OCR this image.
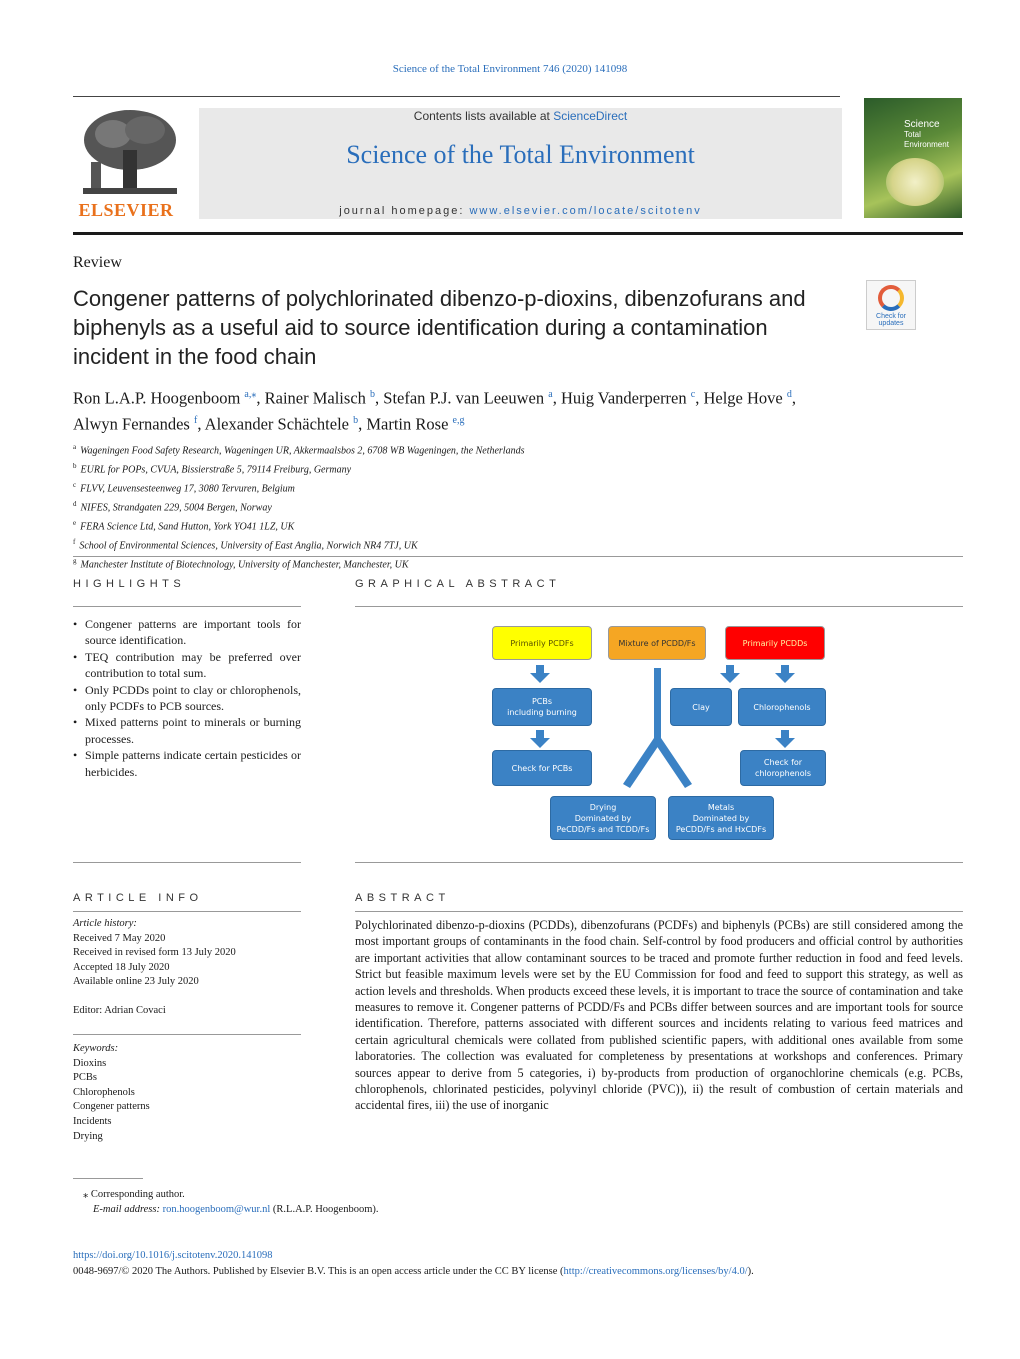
Science of the Total Environment 746 (2020) 141098
ELSEVIER
Contents lists available at ScienceDirect
Science of the Total Environment
journal homepage: www.elsevier.com/locate/scitotenv
Science
Total Environment
Review
Congener patterns of polychlorinated dibenzo-p-dioxins, dibenzofurans and biphenyls as a useful aid to source identification during a contamination incident in the food chain
Check for
updates
Ron L.A.P. Hoogenboom $^{a,⁎}$, Rainer Malisch $^b$, Stefan P.J. van Leeuwen $^a$, Huig Vanderperren $^c$, Helge Hove $^d$,
Alwyn Fernandes $^f$, Alexander Schächtele $^b$, Martin Rose $^{e,g}$
$^a$ Wageningen Food Safety Research, Wageningen UR, Akkermaalsbos 2, 6708 WB Wageningen, the Netherlands
$^b$ EURL for POPs, CVUA, Bissierstraße 5, 79114 Freiburg, Germany
$^c$ FLVV, Leuvensesteenweg 17, 3080 Tervuren, Belgium
$^d$ NIFES, Strandgaten 229, 5004 Bergen, Norway
$^e$ FERA Science Ltd, Sand Hutton, York YO41 1LZ, UK
$^f$ School of Environmental Sciences, University of East Anglia, Norwich NR4 7TJ, UK
$^g$ Manchester Institute of Biotechnology, University of Manchester, Manchester, UK
HIGHLIGHTS
• Congener patterns are important tools for source identification.
• TEQ contribution may be preferred over contribution to total sum.
• Only PCDDs point to clay or chlorophenols, only PCDFs to PCB sources.
• Mixed patterns point to minerals or burning processes.
• Simple patterns indicate certain pesticides or herbicides.
GRAPHICAL ABSTRACT
Primarily PCDFs	Mixture of PCDD/Fs	Primarily PCDDs
PCBs
including burning
Clay	Chlorophenols
Check for PCBs
Check for
chlorophenols
Drying
Dominated by
PeCDD/Fs and TCDD/Fs
Metals
Dominated by
PeCDD/Fs and HxCDFs
ARTICLE INFO
Article history:
Received 7 May 2020
Received in revised form 13 July 2020
Accepted 18 July 2020
Available online 23 July 2020
Editor: Adrian Covaci
Keywords:
Dioxins
PCBs
Chlorophenols
Congener patterns
Incidents
Drying
ABSTRACT
Polychlorinated dibenzo-p-dioxins (PCDDs), dibenzofurans (PCDFs) and biphenyls (PCBs) are still considered among the most important groups of contaminants in the food chain. Self-control by food producers and official control by authorities are important activities that allow contaminant sources to be traced and promote further reduction in food and feed levels. Strict but feasible maximum levels were set by the EU Commission for food and feed to support this strategy, as well as action levels and thresholds. When products exceed these levels, it is important to trace the source of contamination and take measures to remove it. Congener patterns of PCDD/Fs and PCBs differ between sources and are important tools for source identification. Therefore, patterns associated with different sources and incidents relating to various feed matrices and certain agricultural chemicals were collated from published scientific papers, with additional ones available from some laboratories. The collection was evaluated for completeness by presentations at workshops and conferences. Primary sources appear to derive from 5 categories, i) by-products from production of organochlorine chemicals (e.g. PCBs, chlorophenols, chlorinated pesticides, polyvinyl chloride (PVC)), ii) the result of combustion of certain materials and accidental fires, iii) the use of inorganic
⁎ Corresponding author.
E-mail address: ron.hoogenboom@wur.nl (R.L.A.P. Hoogenboom).
https://doi.org/10.1016/j.scitotenv.2020.141098
0048-9697/© 2020 The Authors. Published by Elsevier B.V. This is an open access article under the CC BY license (http://creativecommons.org/licenses/by/4.0/).
